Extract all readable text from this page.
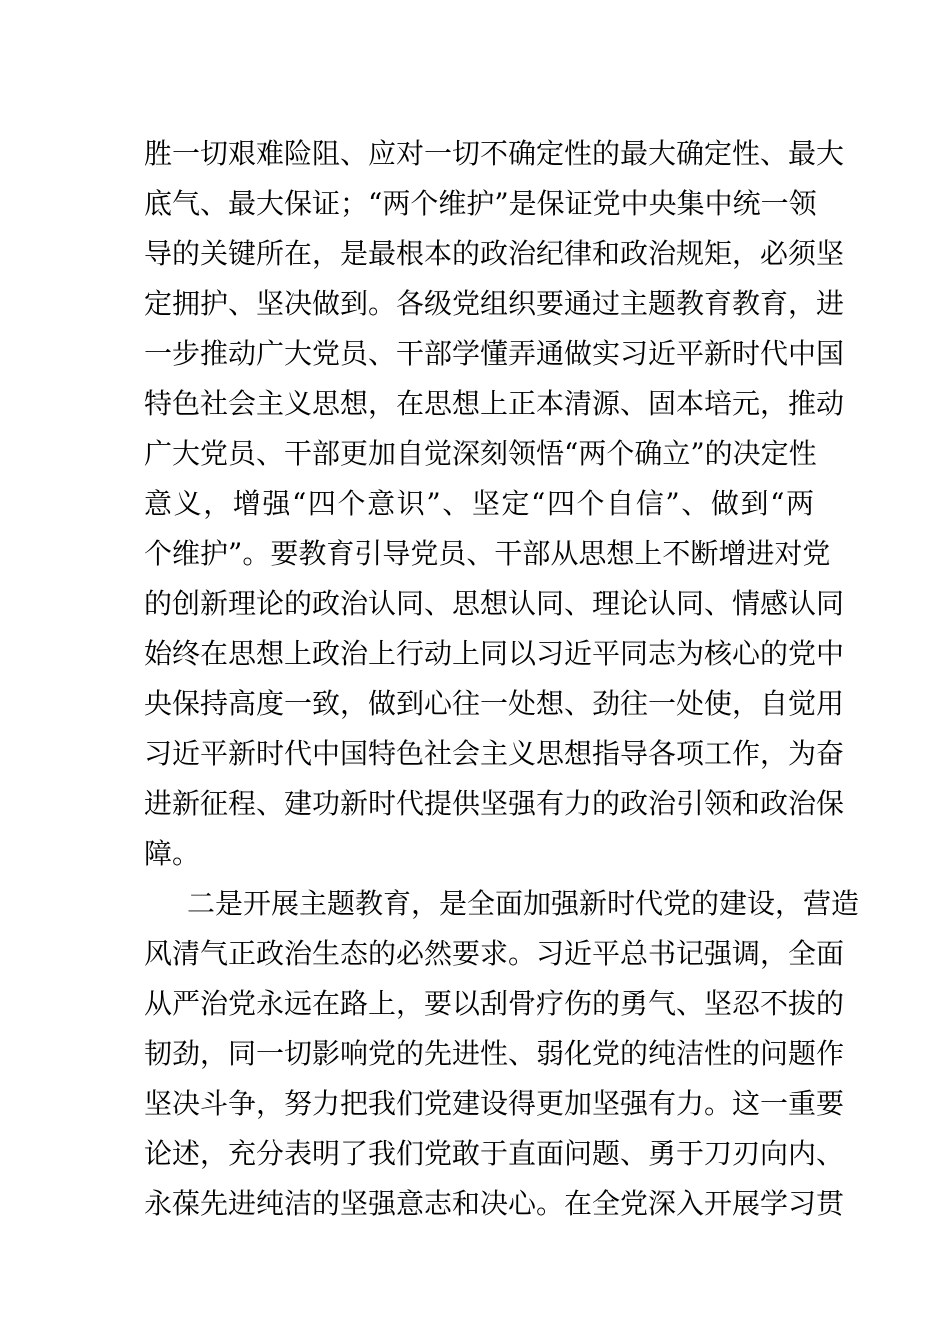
胜一切艰难险阻、应对一切不确定性的最大确定性、最大
底气、最大保证；“两个维护”是保证党中央集中统一领
导的关键所在，是最根本的政治纪律和政治规矩，必须坚
定拥护、坚决做到。各级党组织要通过主题教育教育，进
一步推动广大党员、干部学懂弄通做实习近平新时代中国
特色社会主义思想，在思想上正本清源、固本培元，推动
广大党员、干部更加自觉深刻领悟“两个确立”的决定性
意义，增强“四个意识”、坚定“四个自信”、做到“两
个维护”。要教育引导党员、干部从思想上不断增进对党
的创新理论的政治认同、思想认同、理论认同、情感认同
始终在思想上政治上行动上同以习近平同志为核心的党中
央保持高度一致，做到心往一处想、劲往一处使，自觉用
习近平新时代中国特色社会主义思想指导各项工作，为奋
进新征程、建功新时代提供坚强有力的政治引领和政治保
障。
二是开展主题教育，是全面加强新时代党的建设，营造
风清气正政治生态的必然要求。习近平总书记强调，全面
从严治党永远在路上，要以刮骨疗伤的勇气、坚忍不拔的
韧劲，同一切影响党的先进性、弱化党的纯洁性的问题作
坚决斗争，努力把我们党建设得更加坚强有力。这一重要
论述，充分表明了我们党敢于直面问题、勇于刀刃向内、
永葆先进纯洁的坚强意志和决心。在全党深入开展学习贯
